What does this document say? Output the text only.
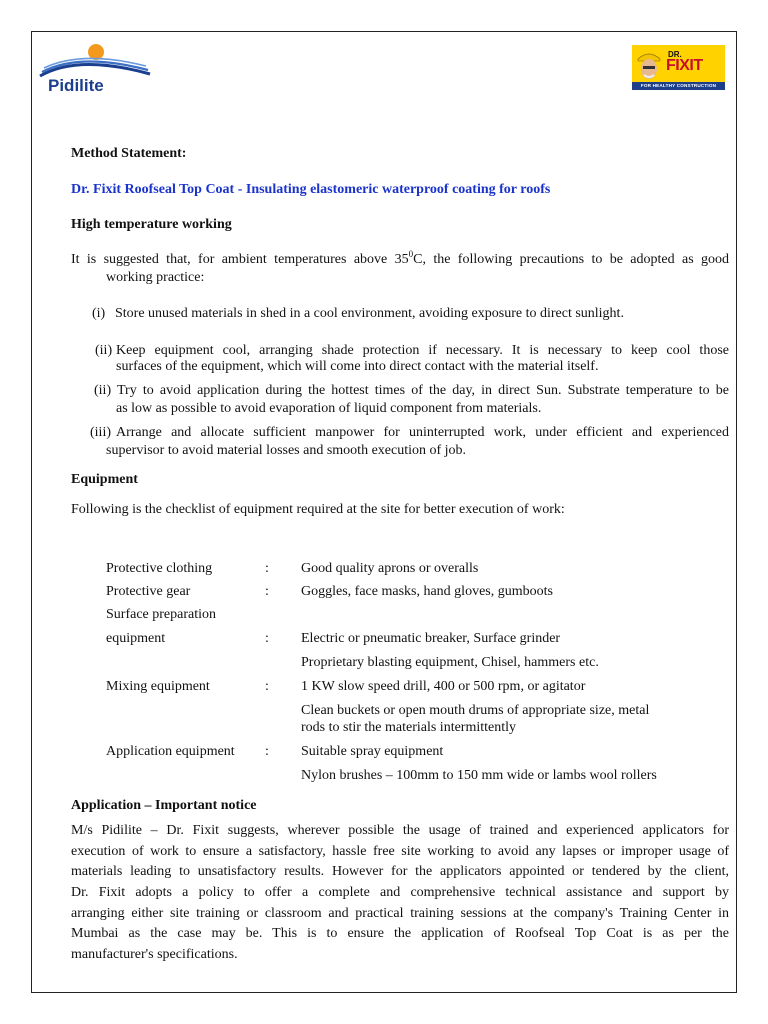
Pidilite
DR.
FIXIT
FOR HEALTHY CONSTRUCTION
Method Statement:
Dr. Fixit Roofseal Top Coat - Insulating elastomeric waterproof coating for roofs
High temperature working
It is suggested that, for ambient temperatures above $35^0C$, the following precautions to be adopted as good
working practice:
(i) Store unused materials in shed in a cool environment, avoiding exposure to direct sunlight.
(ii) Keep equipment cool, arranging shade protection if necessary. It is necessary to keep cool those
surfaces of the equipment, which will come into direct contact with the material itself.
(ii) Try to avoid application during the hottest times of the day, in direct Sun. Substrate temperature to be
as low as possible to avoid evaporation of liquid component from materials.
(iii) Arrange and allocate sufficient manpower for uninterrupted work, under efficient and experienced
supervisor to avoid material losses and smooth execution of job.
Equipment
Following is the checklist of equipment required at the site for better execution of work:
Protective clothing	: Good quality aprons or overalls
Protective gear	: Goggles, face masks, hand gloves, gumboots
Surface preparation
equipment	: Electric or pneumatic breaker, Surface grinder
Proprietary blasting equipment, Chisel, hammers etc.
Mixing equipment	: 1 KW slow speed drill, 400 or 500 rpm, or agitator
Clean buckets or open mouth drums of appropriate size, metal
rods to stir the materials intermittently
Application equipment : Suitable spray equipment
Nylon brushes – 100mm to 150 mm wide or lambs wool rollers
Application – Important notice
M/s Pidilite – Dr. Fixit suggests, wherever possible the usage of trained and experienced applicators for
execution of work to ensure a satisfactory, hassle free site working to avoid any lapses or improper usage of
materials leading to unsatisfactory results. However for the applicators appointed or tendered by the client,
Dr. Fixit adopts a policy to offer a complete and comprehensive technical assistance and support by
arranging either site training or classroom and practical training sessions at the company's Training Center in
Mumbai as the case may be. This is to ensure the application of Roofseal Top Coat is as per the
manufacturer's specifications.
